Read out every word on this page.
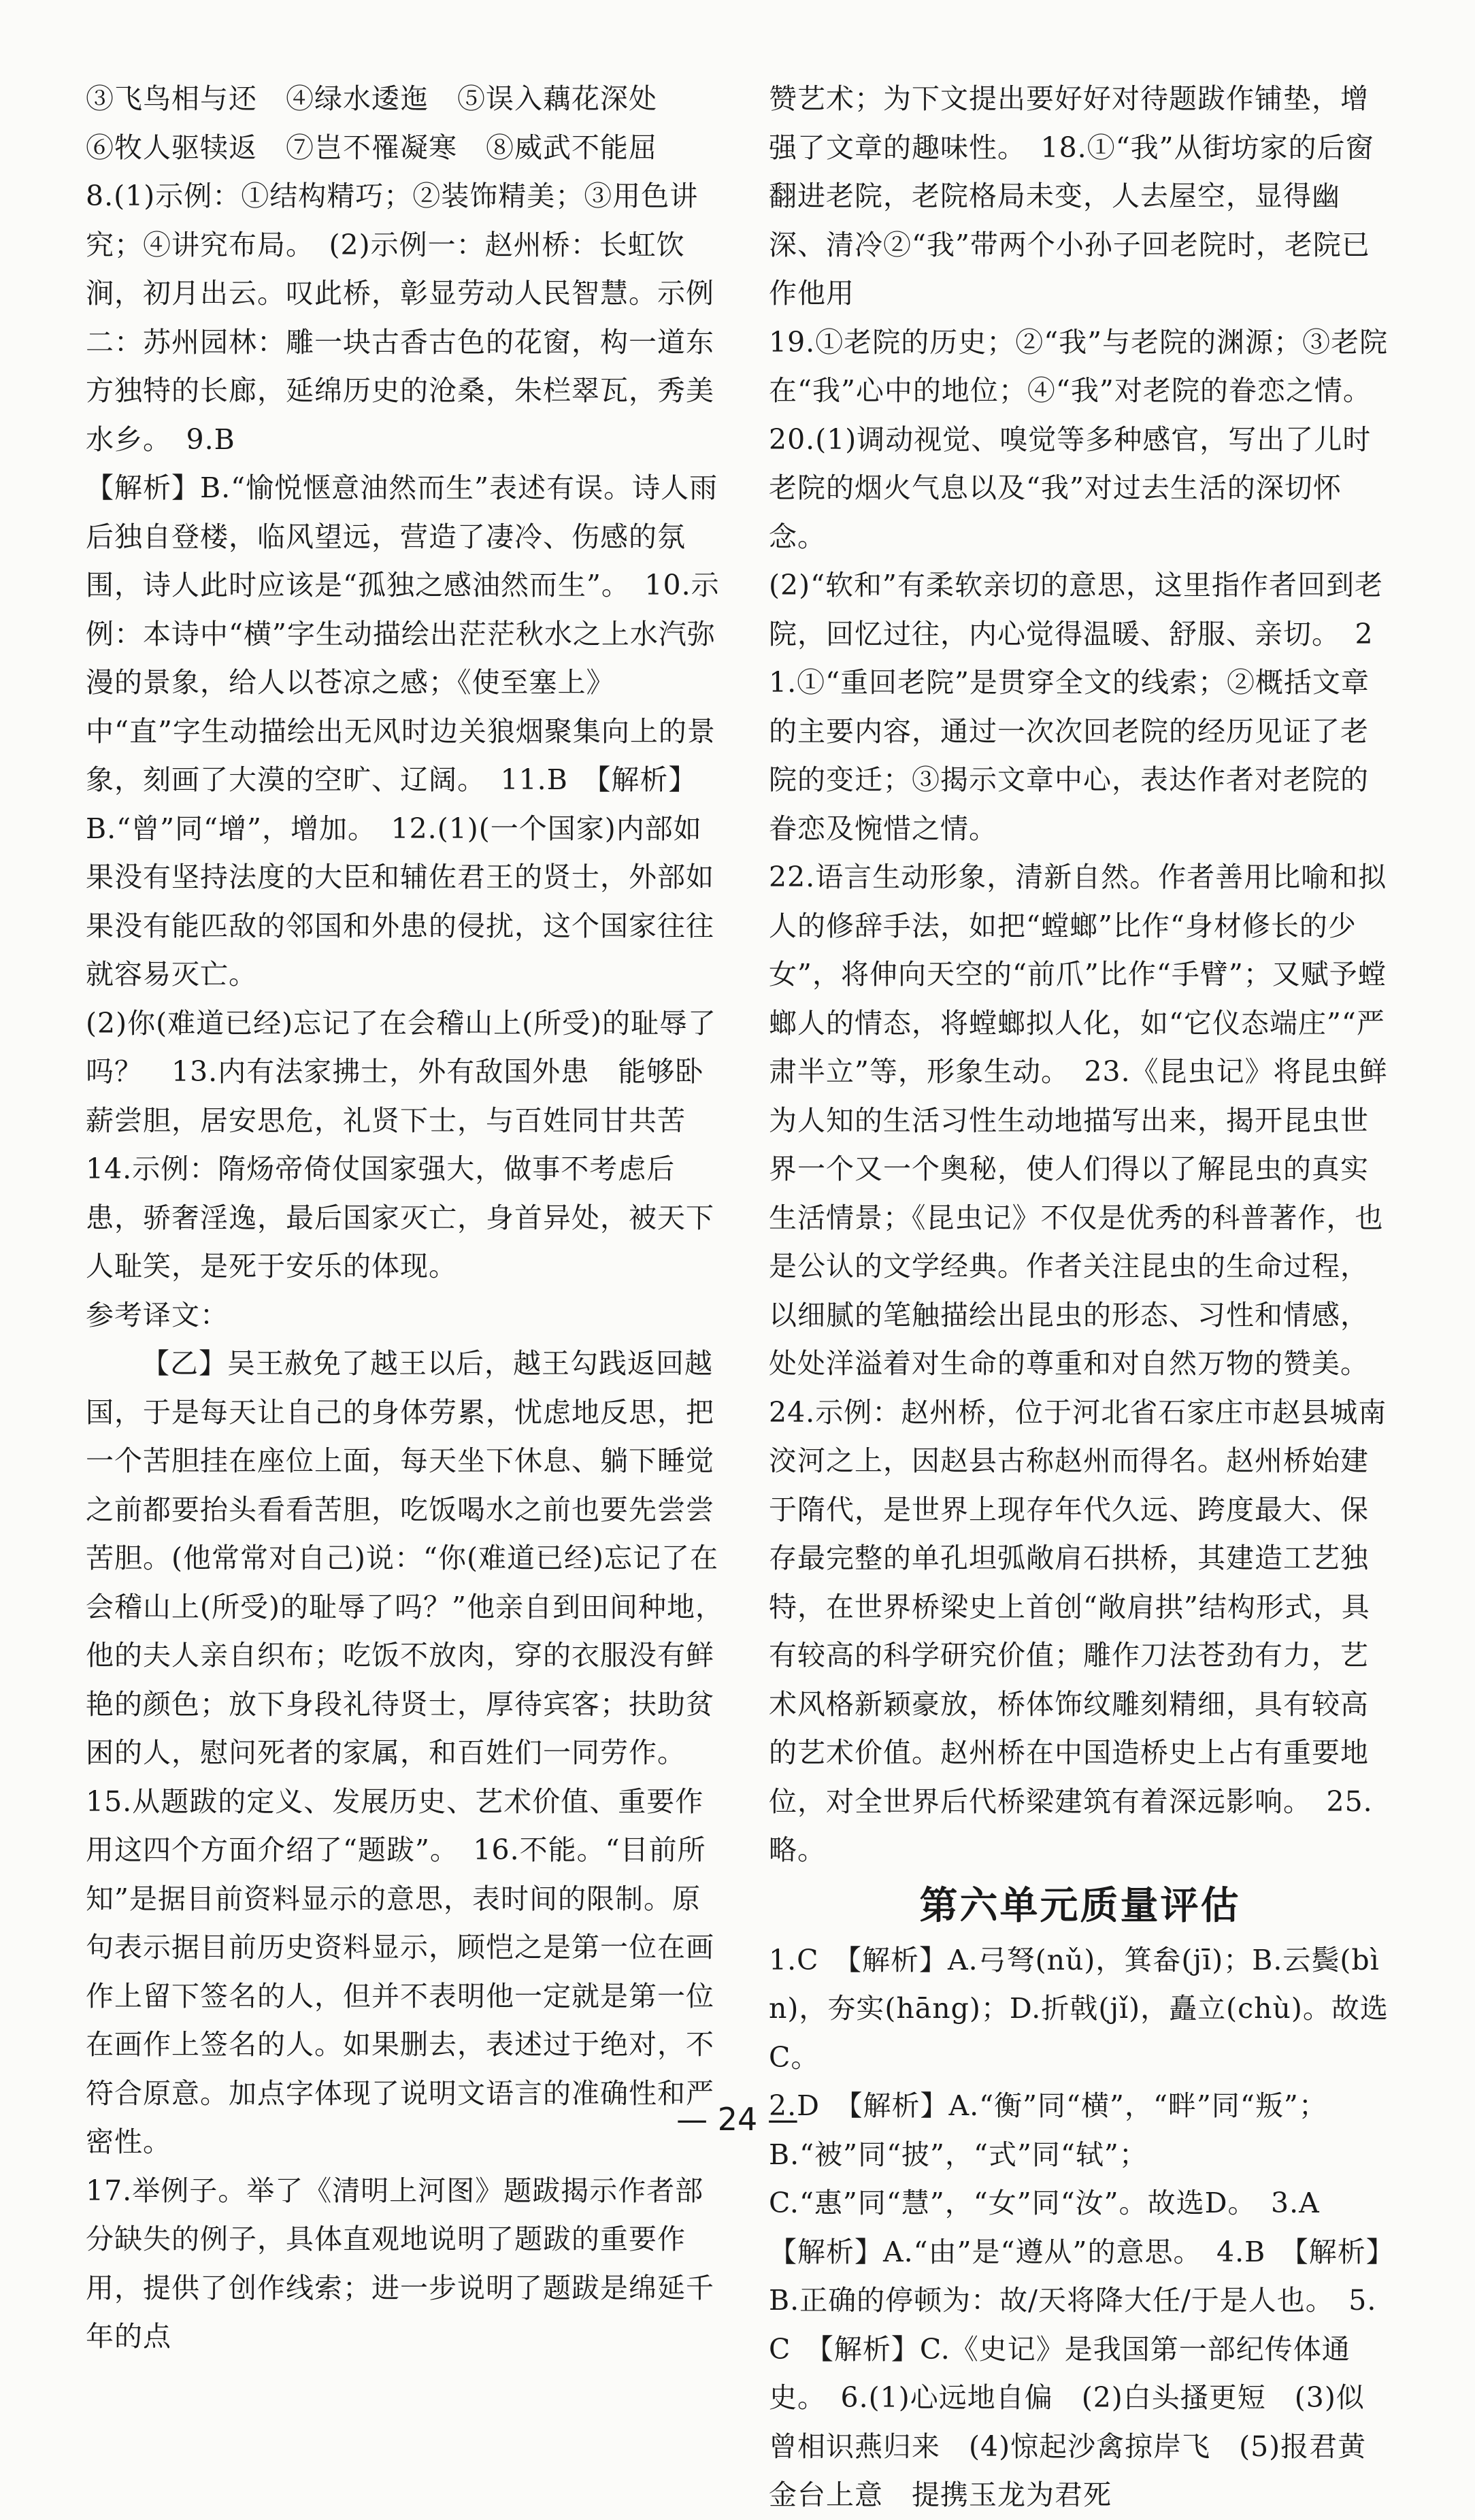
③飞鸟相与还　④绿水逶迤　⑤误入藕花深处

⑥牧人驱犊返　⑦岂不罹凝寒　⑧威武不能屈

8.(1)示例：①结构精巧；②装饰精美；③用色讲究；④讲究布局。　(2)示例一：赵州桥：长虹饮涧，初月出云。叹此桥，彰显劳动人民智慧。示例二：苏州园林：雕一块古香古色的花窗，构一道东方独特的长廊，延绵历史的沧桑，朱栏翠瓦，秀美水乡。　9.B

【解析】B.“愉悦惬意油然而生”表述有误。诗人雨后独自登楼，临风望远，营造了凄冷、伤感的氛围，诗人此时应该是“孤独之感油然而生”。　10.示例：本诗中“横”字生动描绘出茫茫秋水之上水汽弥漫的景象，给人以苍凉之感；《使至塞上》中“直”字生动描绘出无风时边关狼烟聚集向上的景象，刻画了大漠的空旷、辽阔。　11.B　【解析】B.“曾”同“增”，增加。　12.(1)(一个国家)内部如果没有坚持法度的大臣和辅佐君王的贤士，外部如果没有能匹敌的邻国和外患的侵扰，这个国家往往就容易灭亡。

(2)你(难道已经)忘记了在会稽山上(所受)的耻辱了吗？　13.内有法家拂士，外有敌国外患　能够卧薪尝胆，居安思危，礼贤下士，与百姓同甘共苦

14.示例：隋炀帝倚仗国家强大，做事不考虑后患，骄奢淫逸，最后国家灭亡，身首异处，被天下人耻笑，是死于安乐的体现。

参考译文：

【乙】吴王赦免了越王以后，越王勾践返回越国，于是每天让自己的身体劳累，忧虑地反思，把一个苦胆挂在座位上面，每天坐下休息、躺下睡觉之前都要抬头看看苦胆，吃饭喝水之前也要先尝尝苦胆。(他常常对自己)说：“你(难道已经)忘记了在会稽山上(所受)的耻辱了吗？”他亲自到田间种地，他的夫人亲自织布；吃饭不放肉，穿的衣服没有鲜艳的颜色；放下身段礼待贤士，厚待宾客；扶助贫困的人，慰问死者的家属，和百姓们一同劳作。

15.从题跋的定义、发展历史、艺术价值、重要作用这四个方面介绍了“题跋”。　16.不能。“目前所知”是据目前资料显示的意思，表时间的限制。原句表示据目前历史资料显示，顾恺之是第一位在画作上留下签名的人，但并不表明他一定就是第一位在画作上签名的人。如果删去，表述过于绝对，不符合原意。加点字体现了说明文语言的准确性和严密性。

17.举例子。举了《清明上河图》题跋揭示作者部分缺失的例子，具体直观地说明了题跋的重要作用，提供了创作线索；进一步说明了题跋是绵延千年的点

赞艺术；为下文提出要好好对待题跋作铺垫，增强了文章的趣味性。　18.①“我”从街坊家的后窗翻进老院，老院格局未变，人去屋空，显得幽深、清冷②“我”带两个小孙子回老院时，老院已作他用

19.①老院的历史；②“我”与老院的渊源；③老院在“我”心中的地位；④“我”对老院的眷恋之情。

20.(1)调动视觉、嗅觉等多种感官，写出了儿时老院的烟火气息以及“我”对过去生活的深切怀念。

(2)“软和”有柔软亲切的意思，这里指作者回到老院，回忆过往，内心觉得温暖、舒服、亲切。　21.①“重回老院”是贯穿全文的线索；②概括文章的主要内容，通过一次次回老院的经历见证了老院的变迁；③揭示文章中心，表达作者对老院的眷恋及惋惜之情。

22.语言生动形象，清新自然。作者善用比喻和拟人的修辞手法，如把“螳螂”比作“身材修长的少女”，将伸向天空的“前爪”比作“手臂”；又赋予螳螂人的情态，将螳螂拟人化，如“它仪态端庄”“严肃半立”等，形象生动。　23.《昆虫记》将昆虫鲜为人知的生活习性生动地描写出来，揭开昆虫世界一个又一个奥秘，使人们得以了解昆虫的真实生活情景；《昆虫记》不仅是优秀的科普著作，也是公认的文学经典。作者关注昆虫的生命过程，以细腻的笔触描绘出昆虫的形态、习性和情感，处处洋溢着对生命的尊重和对自然万物的赞美。　24.示例：赵州桥，位于河北省石家庄市赵县城南洨河之上，因赵县古称赵州而得名。赵州桥始建于隋代，是世界上现存年代久远、跨度最大、保存最完整的单孔坦弧敞肩石拱桥，其建造工艺独特，在世界桥梁史上首创“敞肩拱”结构形式，具有较高的科学研究价值；雕作刀法苍劲有力，艺术风格新颖豪放，桥体饰纹雕刻精细，具有较高的艺术价值。赵州桥在中国造桥史上占有重要地位，对全世界后代桥梁建筑有着深远影响。　25.略。

第六单元质量评估

1.C　【解析】A.弓弩(nǔ)，箕畚(jī)；B.云鬓(bìn)，夯实(hāng)；D.折戟(jǐ)，矗立(chù)。故选C。

2.D　【解析】A.“衡”同“横”，“畔”同“叛”；B.“被”同“披”，“式”同“轼”；C.“惠”同“慧”，“女”同“汝”。故选D。　3.A　【解析】A.“由”是“遵从”的意思。　4.B　【解析】B.正确的停顿为：故/天将降大任/于是人也。　5.C　【解析】C.《史记》是我国第一部纪传体通史。　6.(1)心远地自偏　(2)白头搔更短　(3)似曾相识燕归来　(4)惊起沙禽掠岸飞　(5)报君黄金台上意　提携玉龙为君死

— 24 —
